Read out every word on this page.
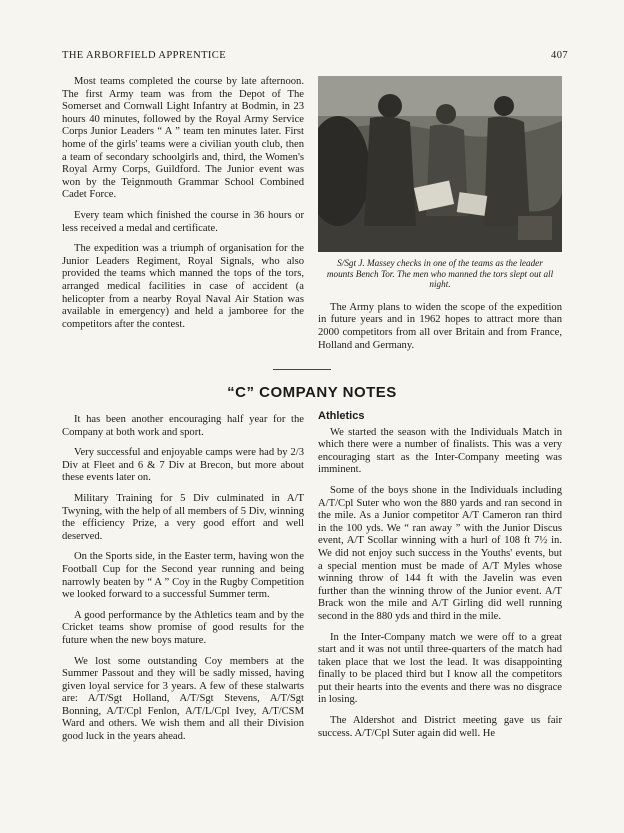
THE ARBORFIELD APPRENTICE	407

Most teams completed the course by late afternoon. The first Army team was from the Depot of The Somerset and Cornwall Light Infantry at Bodmin, in 23 hours 40 minutes, followed by the Royal Army Service Corps Junior Leaders “ A ” team ten minutes later. First home of the girls' teams were a civilian youth club, then a team of secondary schoolgirls and, third, the Women's Royal Army Corps, Guildford. The Junior event was won by the Teignmouth Grammar School Combined Cadet Force.

Every team which finished the course in 36 hours or less received a medal and certificate.

The expedition was a triumph of organisation for the Junior Leaders Regiment, Royal Signals, who also provided the teams which manned the tops of the tors, arranged medical facilities in case of accident (a helicopter from a nearby Royal Naval Air Station was available in emergency) and held a jamboree for the competitors after the contest.

S/Sgt J. Massey checks in one of the teams as the leader mounts Bench Tor. The men who manned the tors slept out all night.

The Army plans to widen the scope of the expedition in future years and in 1962 hopes to attract more than 2000 competitors from all over Britain and from France, Holland and Germany.

“C” COMPANY NOTES

It has been another encouraging half year for the Company at both work and sport.

Very successful and enjoyable camps were had by 2/3 Div at Fleet and 6 & 7 Div at Brecon, but more about these events later on.

Military Training for 5 Div culminated in A/T Twyning, with the help of all members of 5 Div, winning the efficiency Prize, a very good effort and well deserved.

On the Sports side, in the Easter term, having won the Football Cup for the Second year running and being narrowly beaten by “ A ” Coy in the Rugby Competition we looked forward to a successful Summer term.

A good performance by the Athletics team and by the Cricket teams show promise of good results for the future when the new boys mature.

We lost some outstanding Coy members at the Summer Passout and they will be sadly missed, having given loyal service for 3 years. A few of these stalwarts are: A/T/Sgt Holland, A/T/Sgt Stevens, A/T/Sgt Bonning, A/T/Cpl Fenlon, A/T/L/Cpl Ivey, A/T/CSM Ward and others. We wish them and all their Division good luck in the years ahead.

Athletics

We started the season with the Individuals Match in which there were a number of finalists. This was a very encouraging start as the Inter-Company meeting was imminent.

Some of the boys shone in the Individuals including A/T/Cpl Suter who won the 880 yards and ran second in the mile. As a Junior competitor A/T Cameron ran third in the 100 yds. We “ ran away ” with the Junior Discus event, A/T Scollar winning with a hurl of 108 ft 7½ in. We did not enjoy such success in the Youths' events, but a special mention must be made of A/T Myles whose winning throw of 144 ft with the Javelin was even further than the winning throw of the Junior event. A/T Brack won the mile and A/T Girling did well running second in the 880 yds and third in the mile.

In the Inter-Company match we were off to a great start and it was not until three-quarters of the match had taken place that we lost the lead. It was disappointing finally to be placed third but I know all the competitors put their hearts into the events and there was no disgrace in losing.

The Aldershot and District meeting gave us fair success. A/T/Cpl Suter again did well. He
